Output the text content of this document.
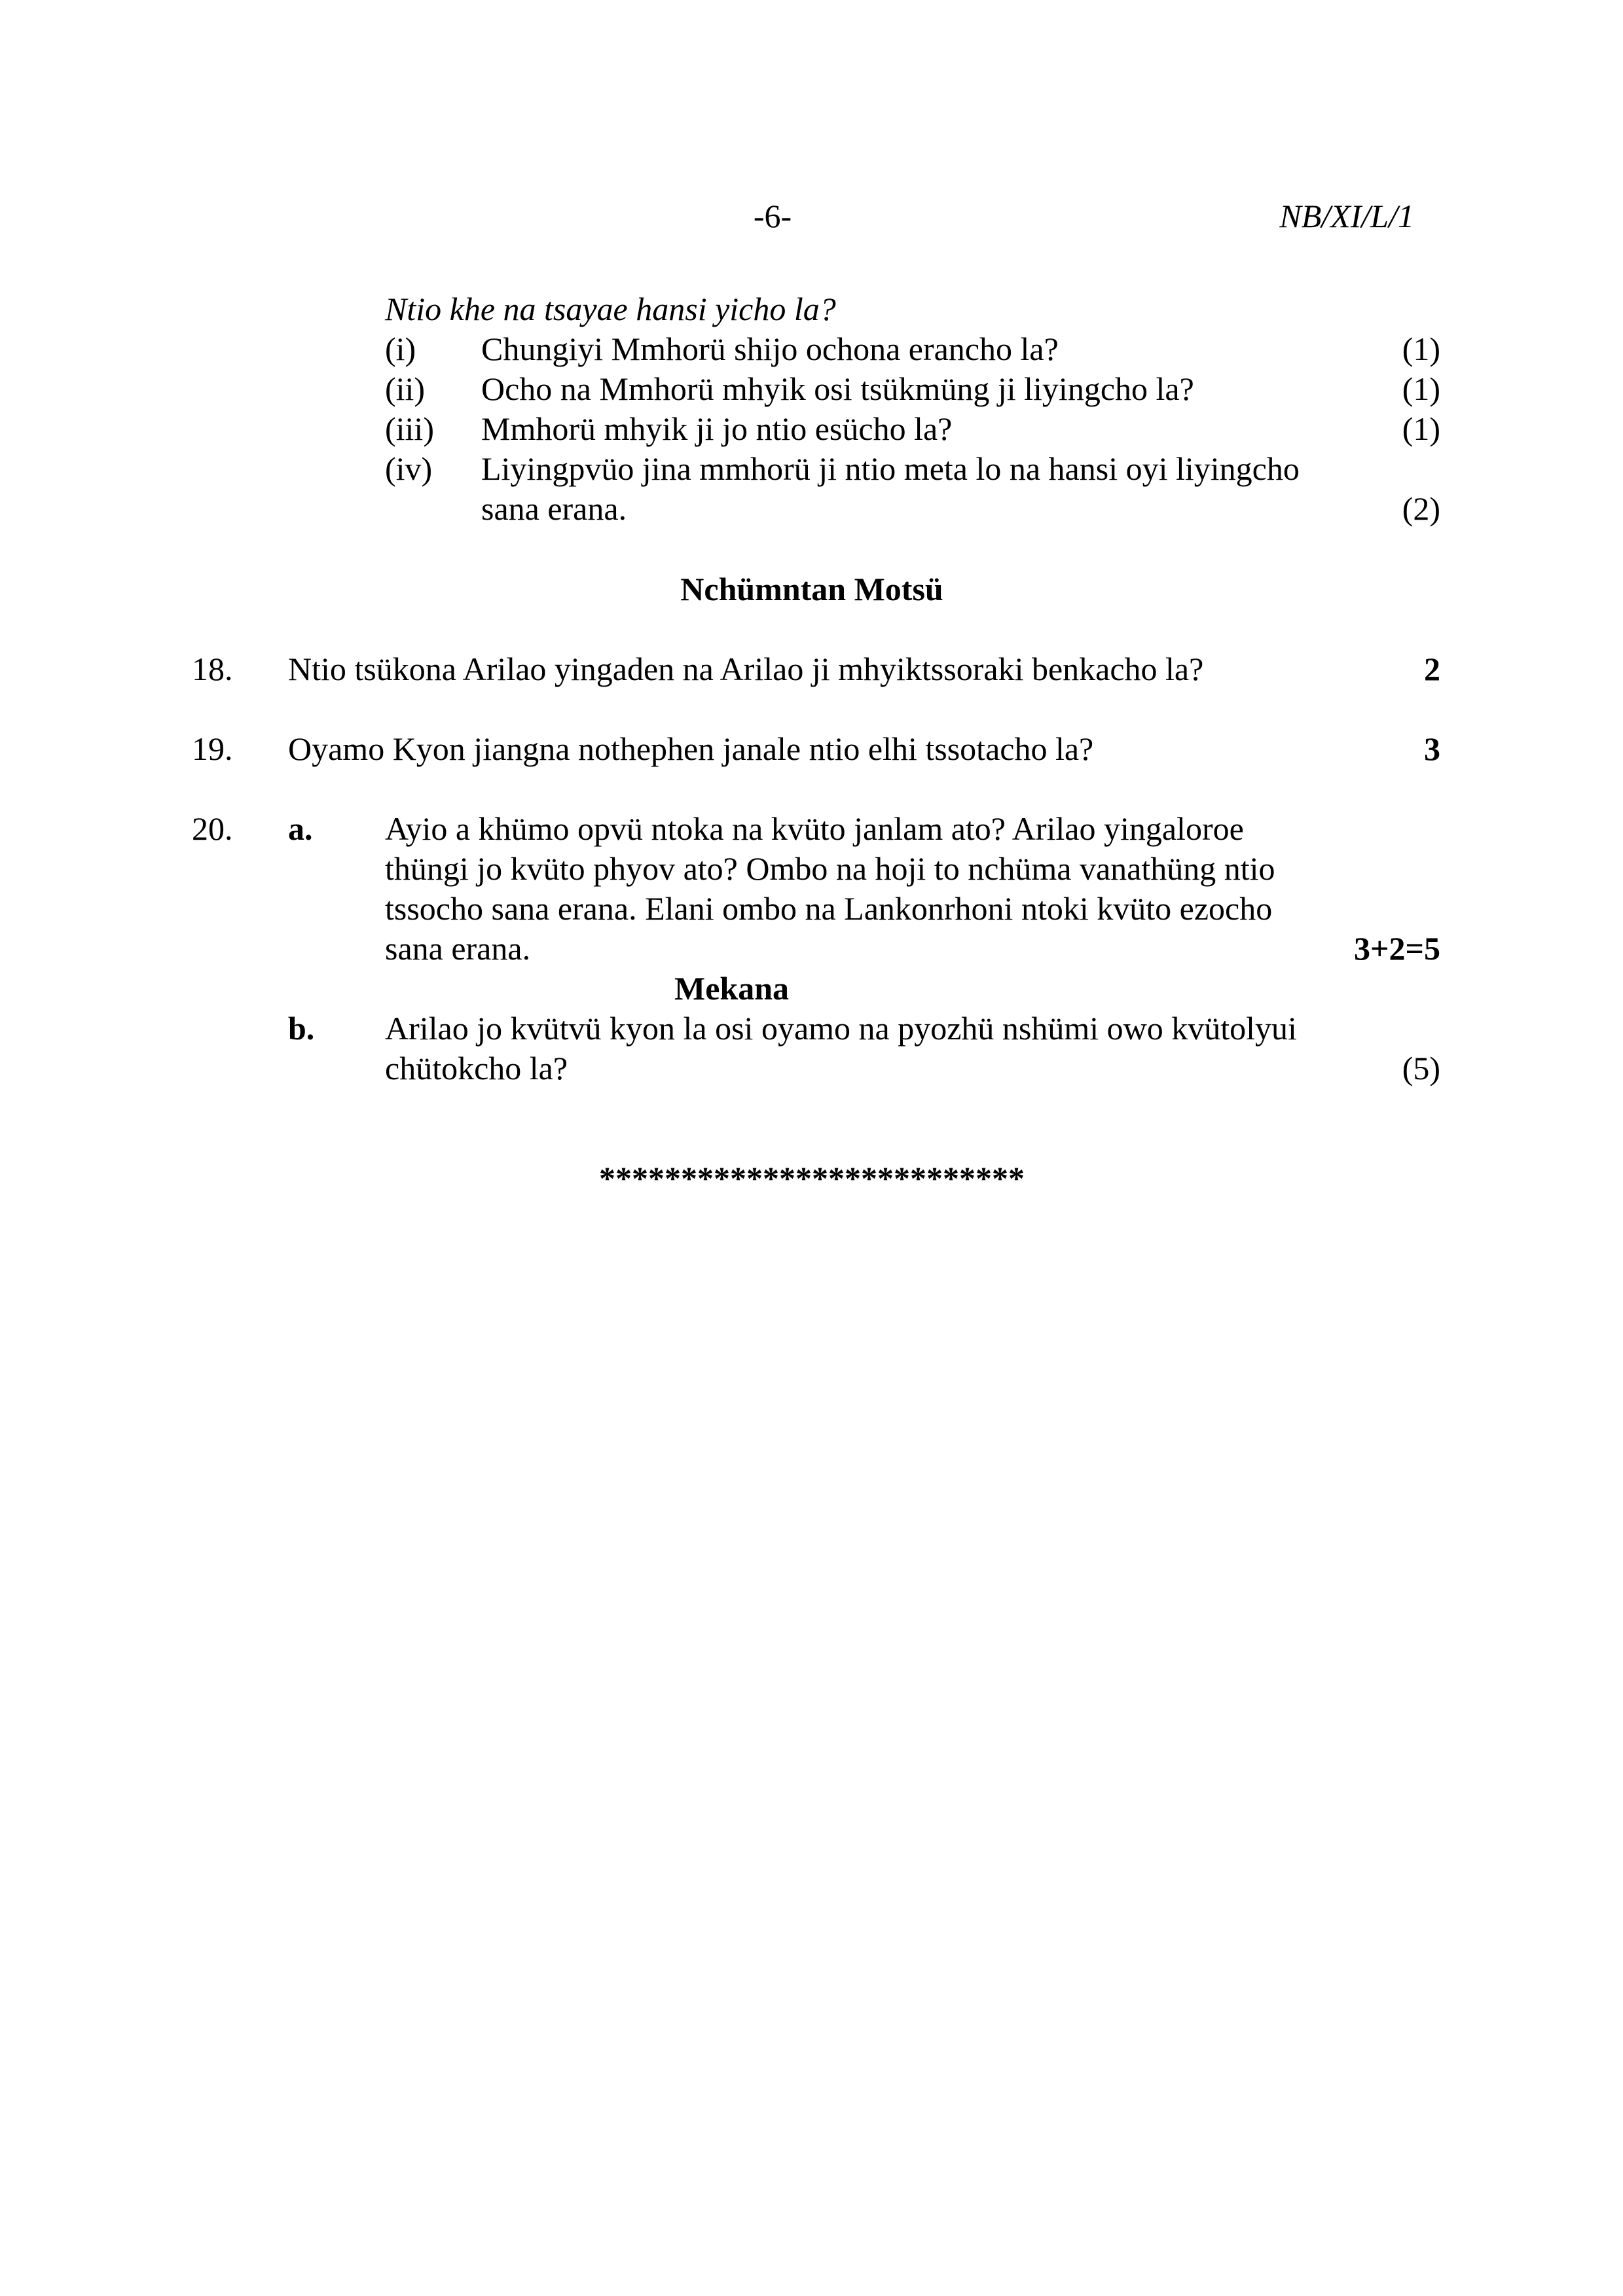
-6-	NB/XI/L/1
Ntio khe na tsayae hansi yicho la?
(i) Chungiyi Mmhorü shijo ochona erancho la?	(1)
(ii) Ocho na Mmhorü mhyik osi tsükmüng ji liyingcho la?	(1)
(iii) Mmhorü mhyik ji jo ntio esücho la?	(1)
(iv) Liyingpvüo jina mmhorü ji ntio meta lo na hansi oyi liyingcho
sana erana.	(2)
Nchümntan Motsü
18. Ntio tsükona Arilao yingaden na Arilao ji mhyiktssoraki benkacho la?	2
19. Oyamo Kyon jiangna nothephen janale ntio elhi tssotacho la?	3
20. a. Ayio a khümo opvü ntoka na kvüto janlam ato? Arilao yingaloroe
thüngi jo kvüto phyov ato? Ombo na hoji to nchüma vanathüng ntio
tssocho sana erana. Elani ombo na Lankonrhoni ntoki kvüto ezocho
sana erana.	3+2=5
Mekana
b. Arilao jo kvütvü kyon la osi oyamo na pyozhü nshümi owo kvütolyui
chütokcho la?	(5)
**************************
